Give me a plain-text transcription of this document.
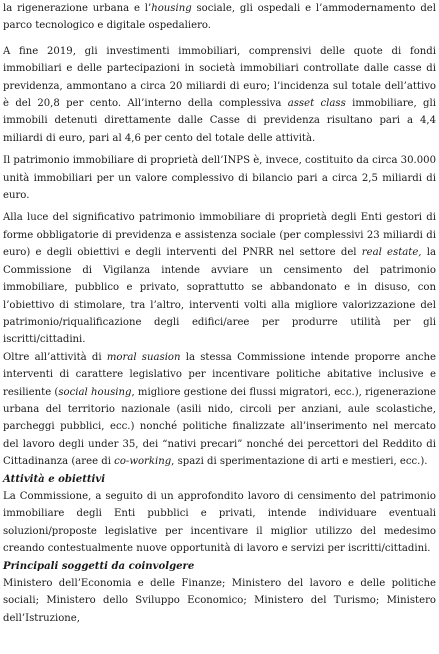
la rigenerazione urbana e l’housing sociale, gli ospedali e l’ammodernamento del parco tecnologico e digitale ospedaliero.

A fine 2019, gli investimenti immobiliari, comprensivi delle quote di fondi immobiliari e delle partecipazioni in società immobiliari controllate dalle casse di previdenza, ammontano a circa 20 miliardi di euro; l’incidenza sul totale dell’attivo è del 20,8 per cento. All’interno della complessiva asset class immobiliare, gli immobili detenuti direttamente dalle Casse di previdenza risultano pari a 4,4 miliardi di euro, pari al 4,6 per cento del totale delle attività.

Il patrimonio immobiliare di proprietà dell’INPS è, invece, costituito da circa 30.000 unità immobiliari per un valore complessivo di bilancio pari a circa 2,5 miliardi di euro.

Alla luce del significativo patrimonio immobiliare di proprietà degli Enti gestori di forme obbligatorie di previdenza e assistenza sociale (per complessivi 23 miliardi di euro) e degli obiettivi e degli interventi del PNRR nel settore del real estate, la Commissione di Vigilanza intende avviare un censimento del patrimonio immobiliare, pubblico e privato, soprattutto se abbandonato e in disuso, con l’obiettivo di stimolare, tra l’altro, interventi volti alla migliore valorizzazione del patrimonio/riqualificazione degli edifici/aree per produrre utilità per gli iscritti/cittadini.

Oltre all’attività di moral suasion la stessa Commissione intende proporre anche interventi di carattere legislativo per incentivare politiche abitative inclusive e resiliente (social housing, migliore gestione dei flussi migratori, ecc.), rigenerazione urbana del territorio nazionale (asili nido, circoli per anziani, aule scolastiche, parcheggi pubblici, ecc.) nonché politiche finalizzate all’inserimento nel mercato del lavoro degli under 35, dei “nativi precari” nonché dei percettori del Reddito di Cittadinanza (aree di co-working, spazi di sperimentazione di arti e mestieri, ecc.).

Attività e obiettivi

La Commissione, a seguito di un approfondito lavoro di censimento del patrimonio immobiliare degli Enti pubblici e privati, intende individuare eventuali soluzioni/proposte legislative per incentivare il miglior utilizzo del medesimo creando contestualmente nuove opportunità di lavoro e servizi per iscritti/cittadini.

Principali soggetti da coinvolgere

Ministero dell’Economia e delle Finanze; Ministero del lavoro e delle politiche sociali; Ministero dello Sviluppo Economico; Ministero del Turismo; Ministero dell’Istruzione,
